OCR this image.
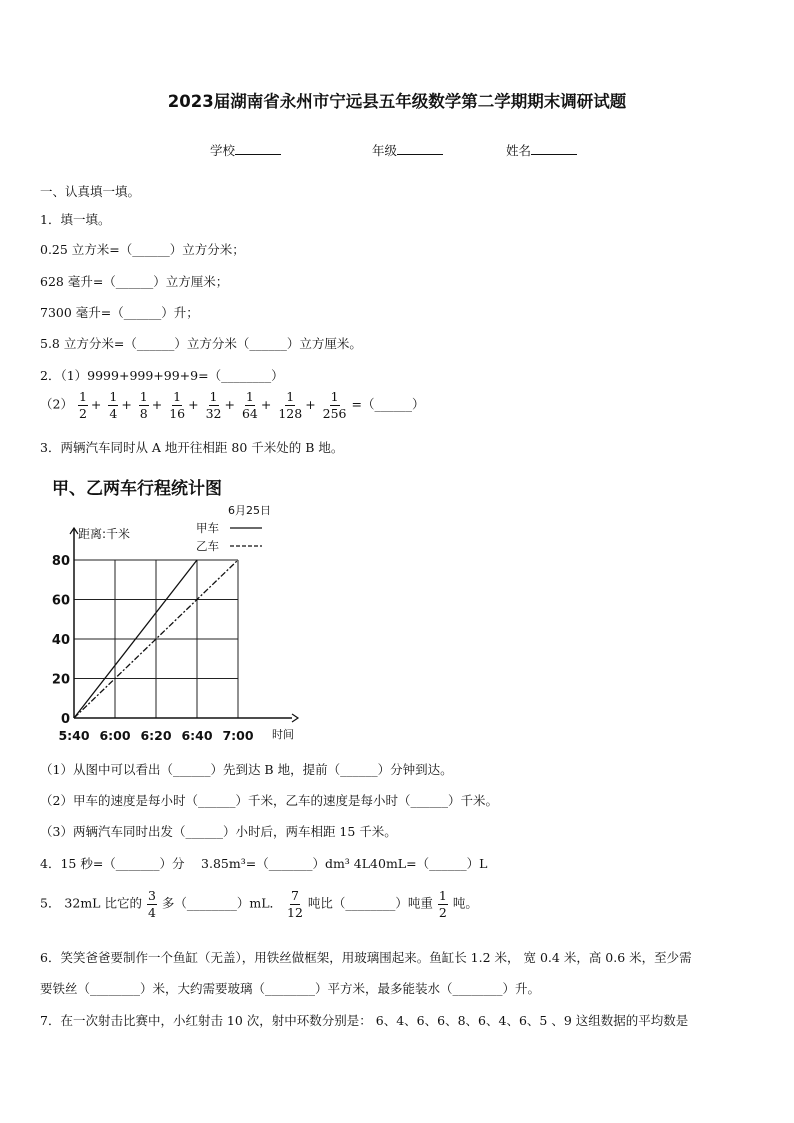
2023届湖南省永州市宁远县五年级数学第二学期期末调研试题
学校	年级	姓名
一、认真填一填。
1．填一填。
0.25 立方米=（______）立方分米；
628 毫升=（______）立方厘米；
7300 毫升=（______）升；
5.8 立方分米=（______）立方分米（______）立方厘米。
2．（1）9999+999+99+9=（________）
$(2) \frac{1}{2} + \frac{1}{4} + \frac{1}{8} + \frac{1}{16} + \frac{1}{32} + \frac{1}{64} + \frac{1}{128} + \frac{1}{256}$ =（______）
3．两辆汽车同时从 A 地开往相距 80 千米处的 B 地。
甲、乙两车行程统计图
6月25日
距离:千米
时间
甲车
乙车
0
20
40
60
80
5:40 6:00 6:20 6:40 7:00
（1）从图中可以看出（______）先到达 B 地，提前（______）分钟到达。
（2）甲车的速度是每小时（______）千米，乙车的速度是每小时（______）千米。
（3）两辆汽车同时出发（______）小时后，两车相距 15 千米。
4．15 秒=（_______）分　 3.85m³=（_______）dm³ 4L40mL=（______）L
5． 32mL 比它的 $\frac{3}{4}$ 多（________）mL． $\frac{7}{12}$ 吨比（________）吨重 $\frac{1}{2}$ 吨。
6．笑笑爸爸要制作一个鱼缸（无盖），用铁丝做框架，用玻璃围起来。鱼缸长 1.2 米， 宽 0.4 米，高 0.6 米，至少需
要铁丝（________）米，大约需要玻璃（________）平方米，最多能装水（________）升。
7．在一次射击比赛中，小红射击 10 次，射中环数分别是： 6、4、6、6、8、6、4、6、5 、9 这组数据的平均数是
